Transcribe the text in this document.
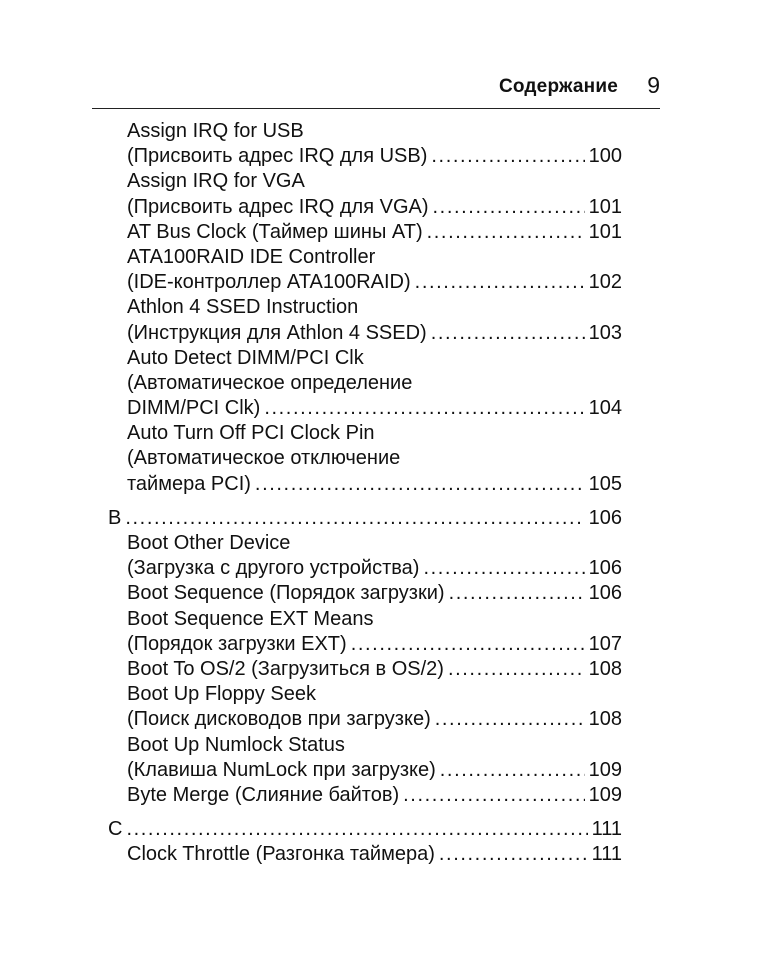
Содержание 9
Assign IRQ for USB
(Присвоить адрес IRQ для USB) .....	100
Assign IRQ for VGA
(Присвоить адрес IRQ для VGA) .....	101
AT Bus Clock (Таймер шины AT) .....	101
ATA100RAID IDE Controller
(IDE-контроллер ATA100RAID) .....	102
Athlon 4 SSED Instruction
(Инструкция для Athlon 4 SSED) .....	103
Auto Detect DIMM/PCI Clk
(Автоматическое определение
DIMM/PCI Clk) .....	104
Auto Turn Off PCI Clock Pin
(Автоматическое отключение
таймера PCI) .....	105
B .....	106
Boot Other Device
(Загрузка с другого устройства) .....	106
Boot Sequence (Порядок загрузки) .....	106
Boot Sequence EXT Means
(Порядок загрузки EXT) .....	107
Boot To OS/2 (Загрузиться в OS/2) .....	108
Boot Up Floppy Seek
(Поиск дисководов при загрузке) .....	108
Boot Up Numlock Status
(Клавиша NumLock при загрузке) .....	109
Byte Merge (Слияние байтов) .....	109
C .....	111
Clock Throttle (Разгонка таймера) .....	111
